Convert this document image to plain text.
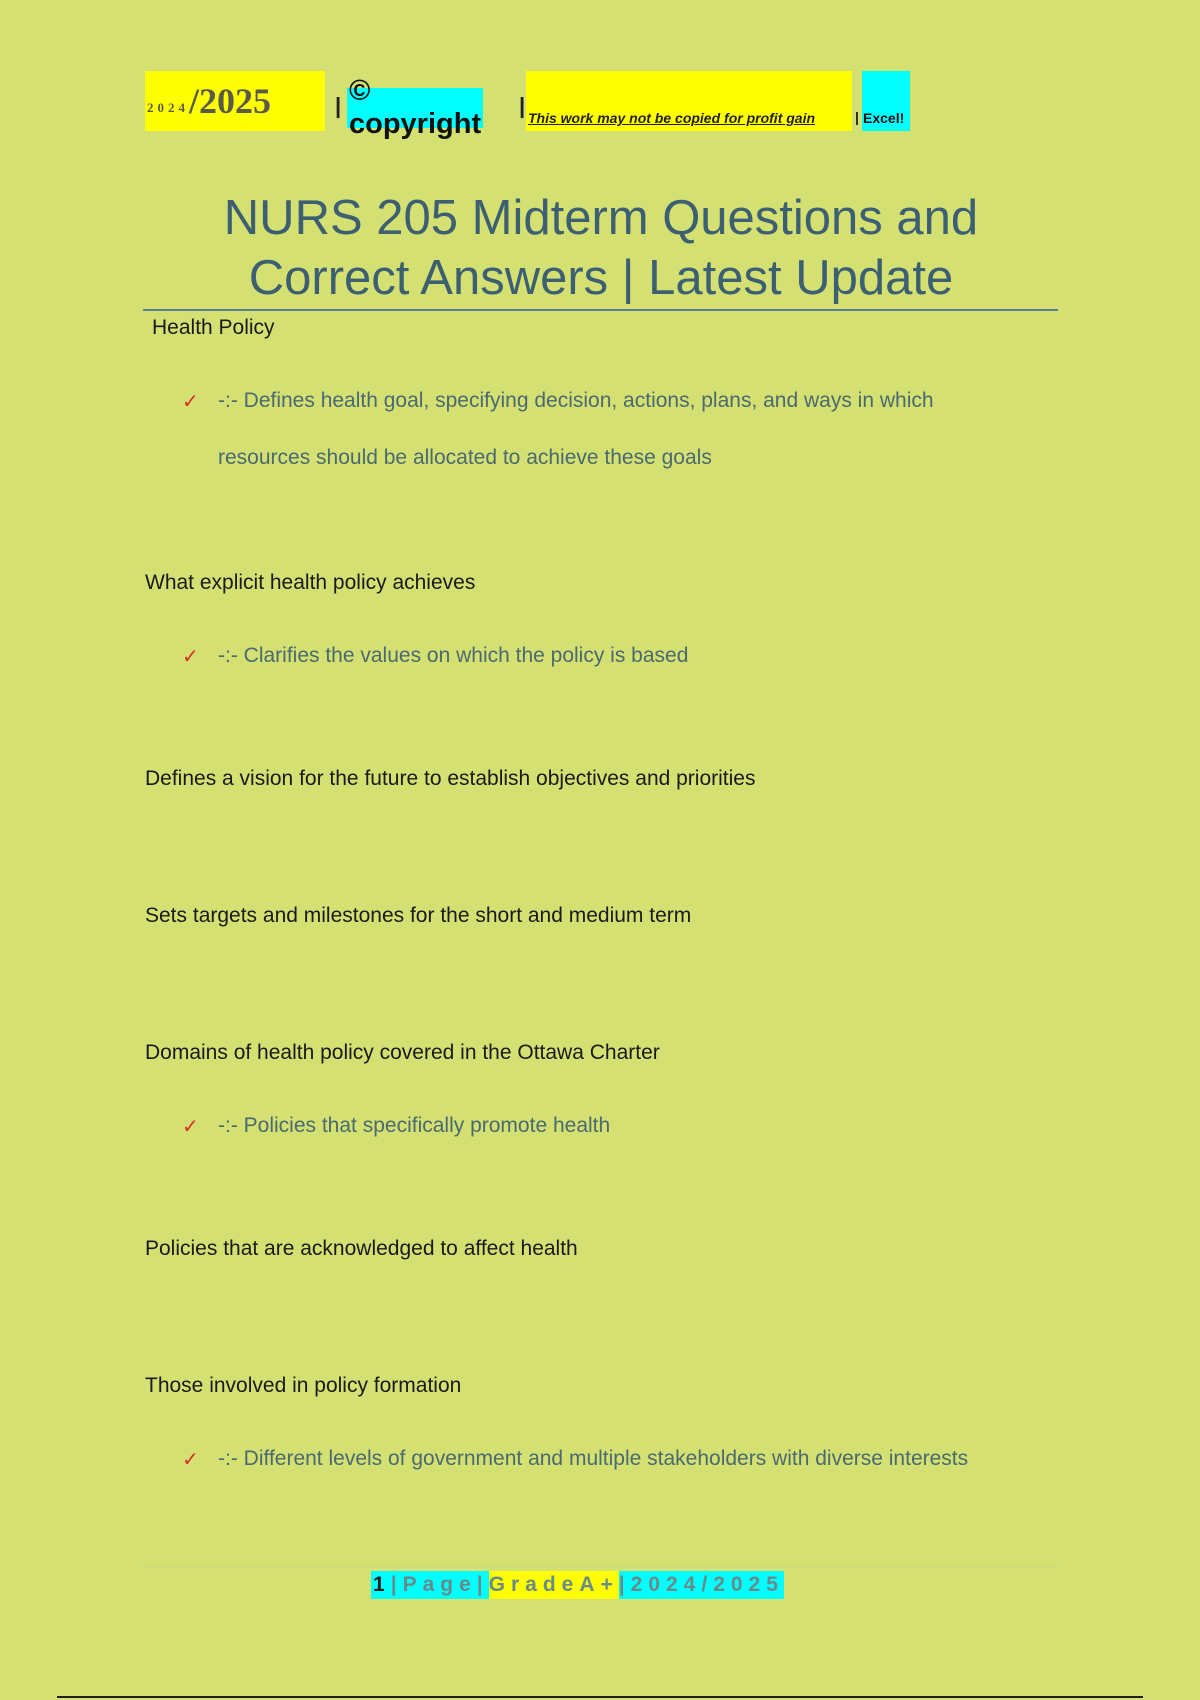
2024 /2025	| © copyright
| This work may not be copied for profit gain	| Excel!
NURS 205 Midterm Questions and
Correct Answers | Latest Update
Health Policy
✓ -:- Defines health goal, specifying decision, actions, plans, and ways in which
resources should be allocated to achieve these goals
What explicit health policy achieves
✓ -:- Clarifies the values on which the policy is based
Defines a vision for the future to establish objectives and priorities
Sets targets and milestones for the short and medium term
Domains of health policy covered in the Ottawa Charter
✓ -:- Policies that specifically promote health
Policies that are acknowledged to affect health
Those involved in policy formation
✓ -:- Different levels of government and multiple stakeholders with diverse interests
1 |Page| GradeA+ |2024/2025
